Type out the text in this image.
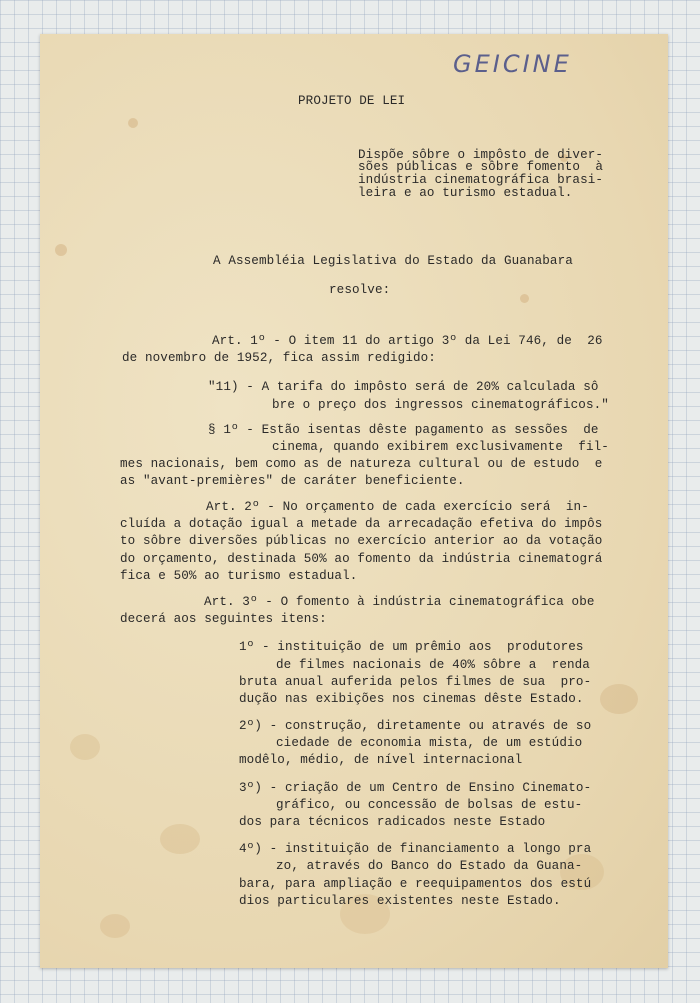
GEICINE
PROJETO DE LEI
Dispõe sôbre o impôsto de diver-
sões públicas e sôbre fomento  à
indústria cinematográfica brasi-
leira e ao turismo estadual.
A Assembléia Legislativa do Estado da Guanabara
resolve:
Art. 1º - O item 11 do artigo 3º da Lei 746, de  26
de novembro de 1952, fica assim redigido:
"11) - A tarifa do impôsto será de 20% calculada sô
bre o preço dos ingressos cinematográficos."
§ 1º - Estão isentas dêste pagamento as sessões  de
cinema, quando exibirem exclusivamente  fil-
mes nacionais, bem como as de natureza cultural ou de estudo  e
as "avant-premières" de caráter beneficiente.
Art. 2º - No orçamento de cada exercício será  in-
cluída a dotação igual a metade da arrecadação efetiva do impôs
to sôbre diversões públicas no exercício anterior ao da votação
do orçamento, destinada 50% ao fomento da indústria cinematográ
fica e 50% ao turismo estadual.
Art. 3º - O fomento à indústria cinematográfica obe
decerá aos seguintes itens:
1º - instituição de um prêmio aos  produtores
de filmes nacionais de 40% sôbre a  renda
bruta anual auferida pelos filmes de sua  pro-
dução nas exibições nos cinemas dêste Estado.
2º) - construção, diretamente ou através de so
ciedade de economia mista, de um estúdio
modêlo, médio, de nível internacional
3º) - criação de um Centro de Ensino Cinemato-
gráfico, ou concessão de bolsas de estu-
dos para técnicos radicados neste Estado
4º) - instituição de financiamento a longo pra
zo, através do Banco do Estado da Guana-
bara, para ampliação e reequipamentos dos estú
dios particulares existentes neste Estado.
